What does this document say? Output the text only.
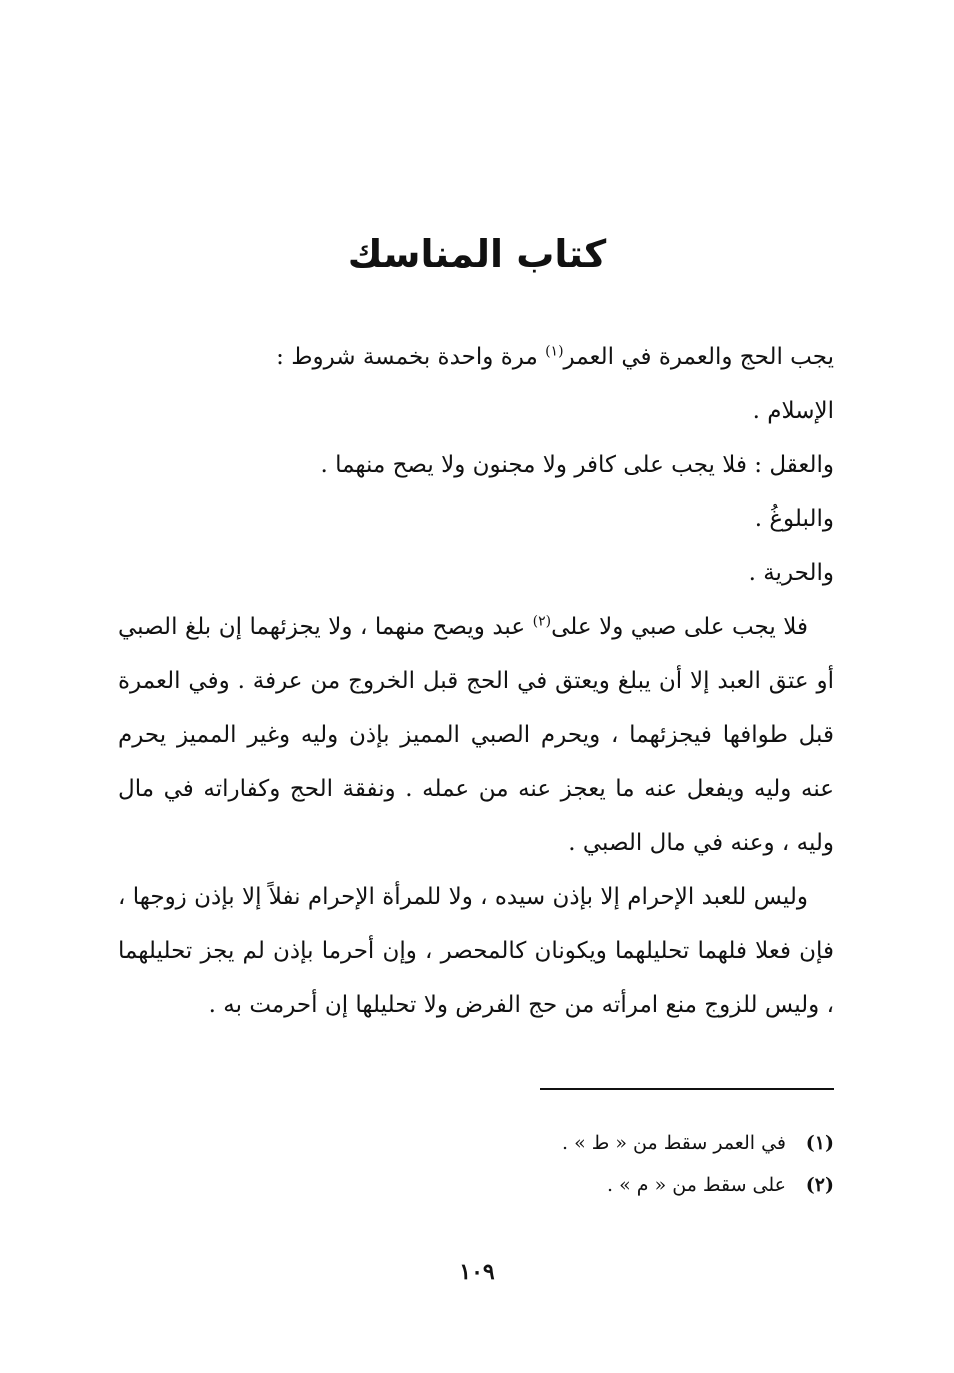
كتاب المناسك

يجب الحج والعمرة في العمر$^{(١)}$ مرة واحدة بخمسة شروط :

الإسلام .

والعقل : فلا يجب على كافر ولا مجنون ولا يصح منهما .

والبلوغُ .

والحرية .

فلا يجب على صبي ولا على$^{(٢)}$ عبد ويصح منهما ، ولا يجزئهما إن بلغ الصبي أو عتق العبد إلا أن يبلغ ويعتق في الحج قبل الخروج من عرفة . وفي العمرة قبل طوافها فيجزئهما ، ويحرم الصبي المميز بإذن وليه وغير المميز يحرم عنه وليه ويفعل عنه ما يعجز عنه من عمله . ونفقة الحج وكفاراته في مال وليه ، وعنه في مال الصبي .

وليس للعبد الإحرام إلا بإذن سيده ، ولا للمرأة الإحرام نفلاً إلا بإذن زوجها ، فإن فعلا فلهما تحليلهما ويكونان كالمحصر ، وإن أحرما بإذن لم يجز تحليلهما ، وليس للزوج منع امرأته من حج الفرض ولا تحليلها إن أحرمت به .

(١)
في العمر سقط من « ط » .
(٢)
على سقط من « م » .
١٠٩
